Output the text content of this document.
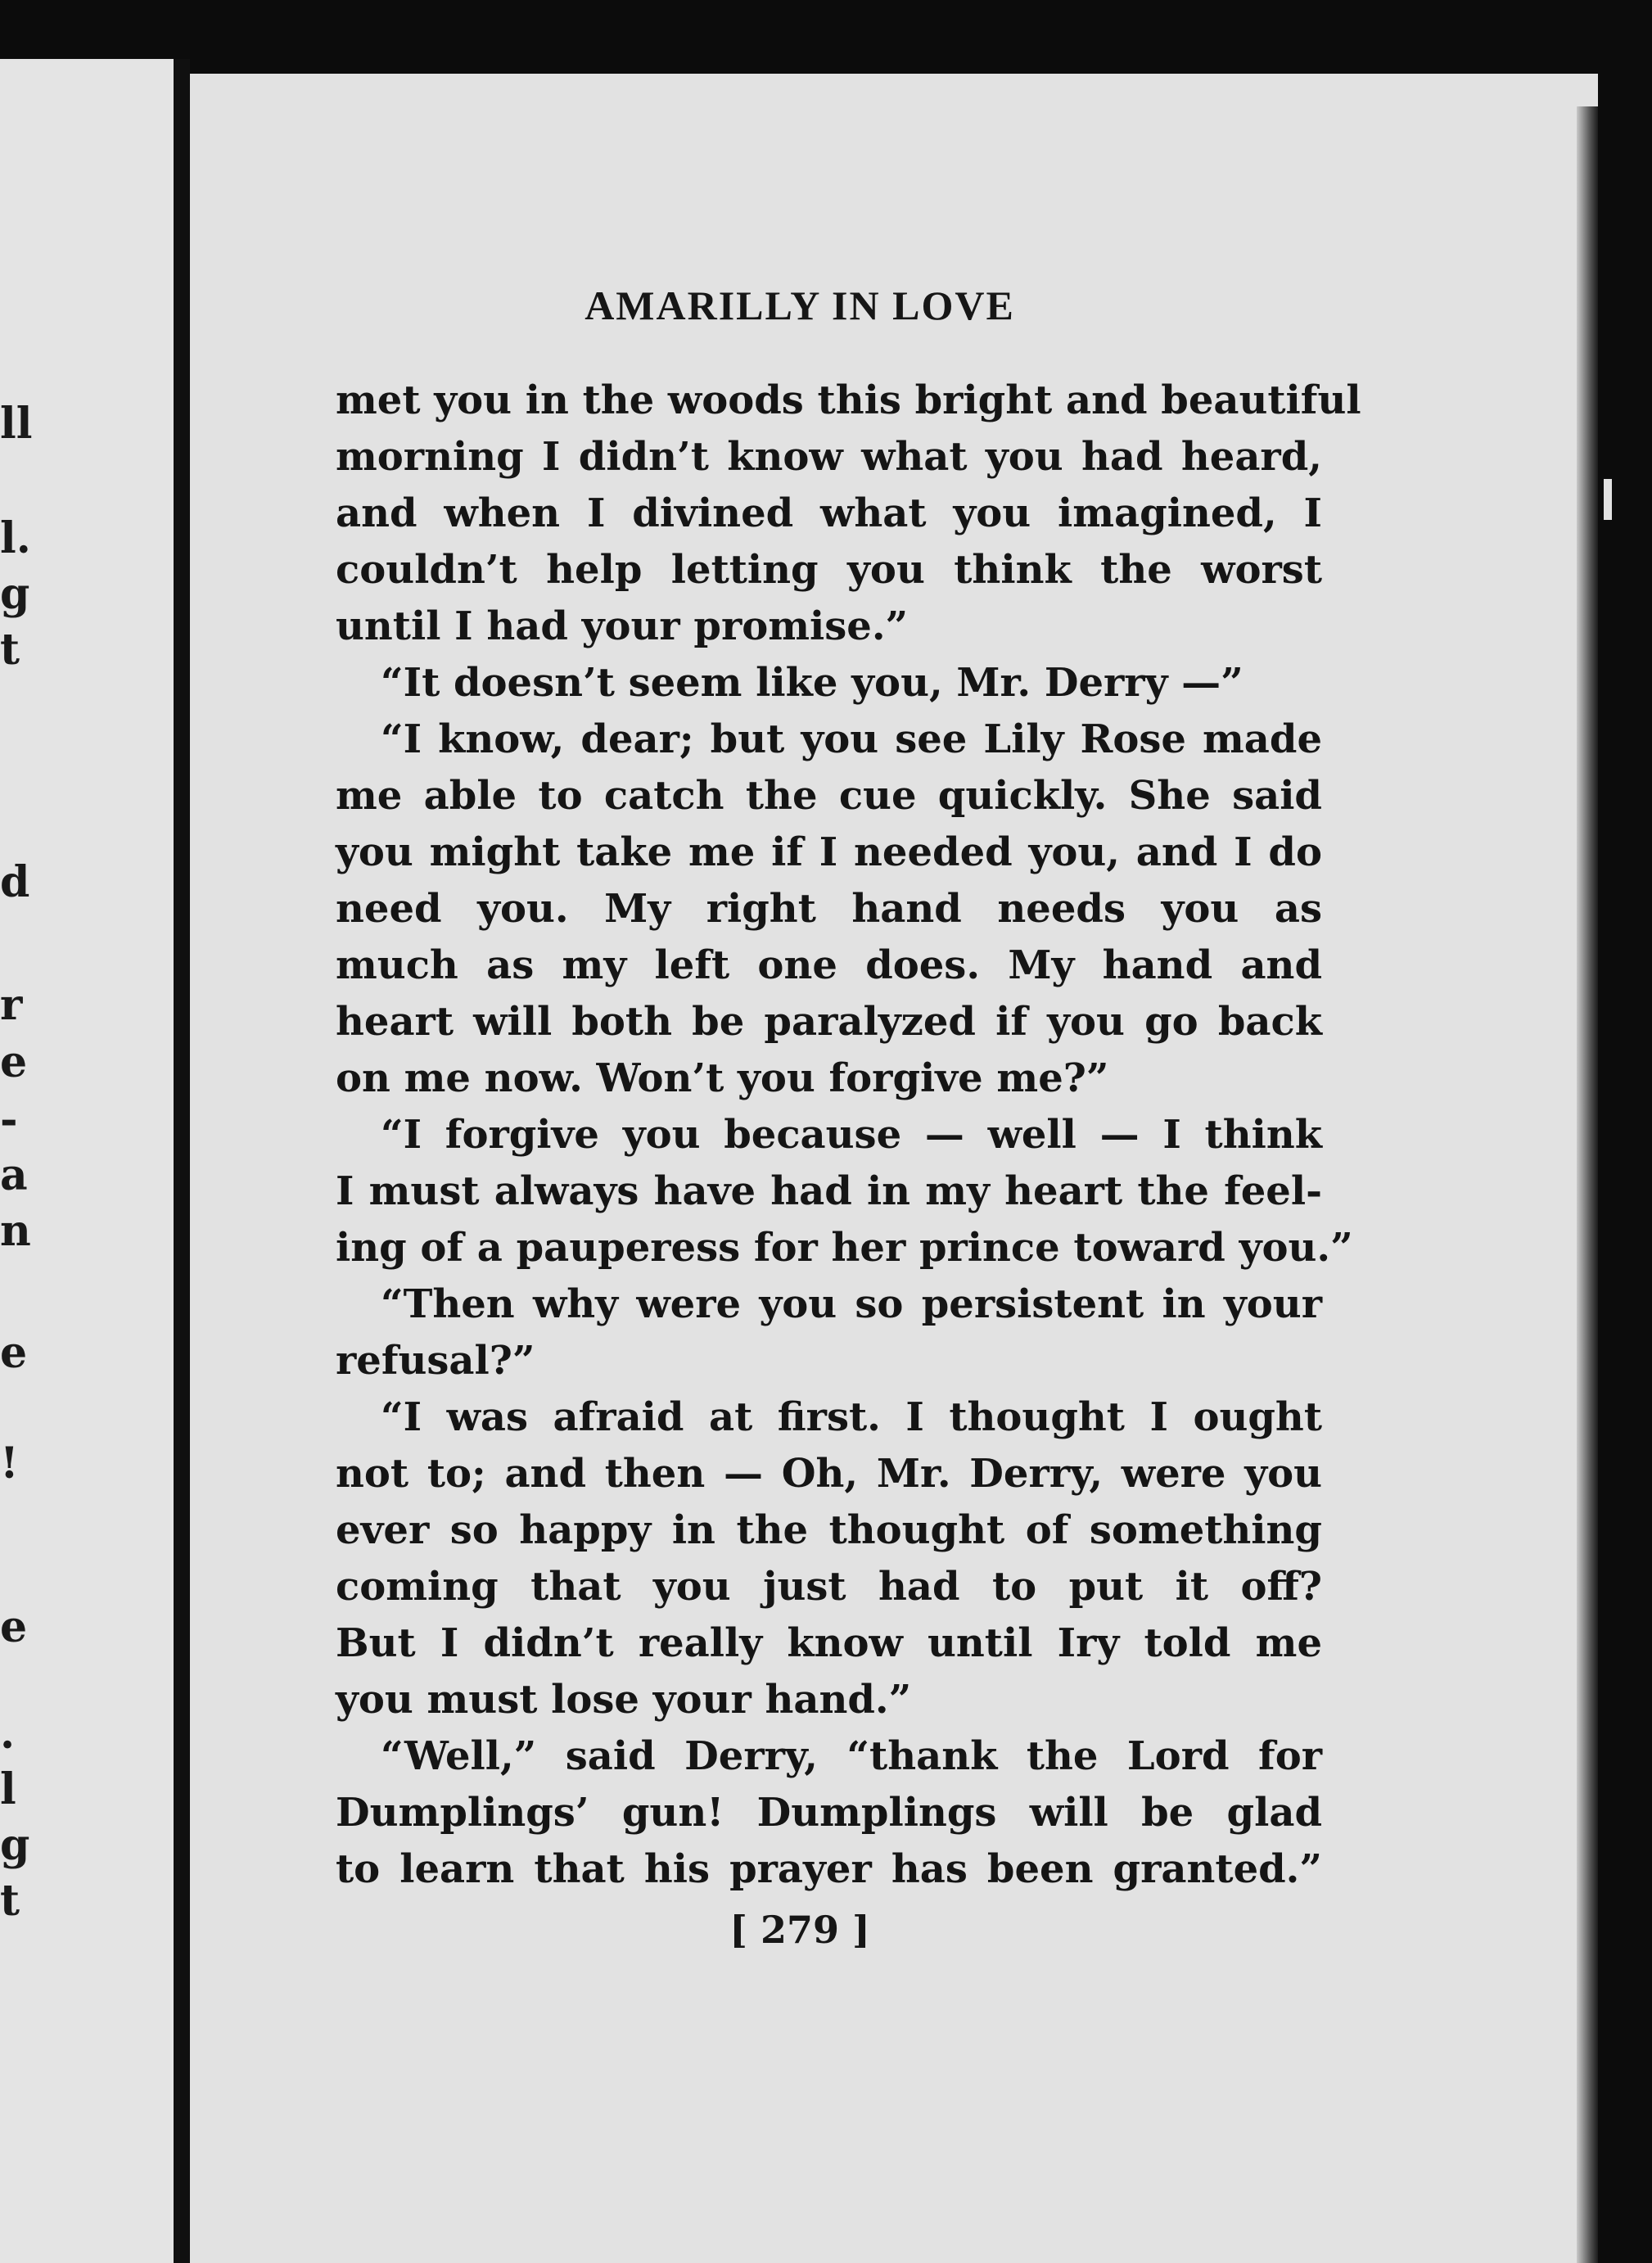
ll
l.
g
t
d
r
e
-
a
n
e
!
e
.
l
g
t
AMARILLY IN LOVE
met you in the woods this bright and beautiful
morning I didn’t know what you had heard,
and when I divined what you imagined, I
couldn’t help letting you think the worst
until I had your promise.”
“It doesn’t seem like you, Mr. Derry —”
“I know, dear; but you see Lily Rose made
me able to catch the cue quickly. She said
you might take me if I needed you, and I do
need you. My right hand needs you as
much as my left one does. My hand and
heart will both be paralyzed if you go back
on me now. Won’t you forgive me?”
“I forgive you because — well — I think
I must always have had in my heart the feel-
ing of a pauperess for her prince toward you.”
“Then why were you so persistent in your
refusal?”
“I was afraid at first. I thought I ought
not to; and then — Oh, Mr. Derry, were you
ever so happy in the thought of something
coming that you just had to put it off?
But I didn’t really know until Iry told me
you must lose your hand.”
“Well,” said Derry, “thank the Lord for
Dumplings’ gun! Dumplings will be glad
to learn that his prayer has been granted.”
[ 279 ]
